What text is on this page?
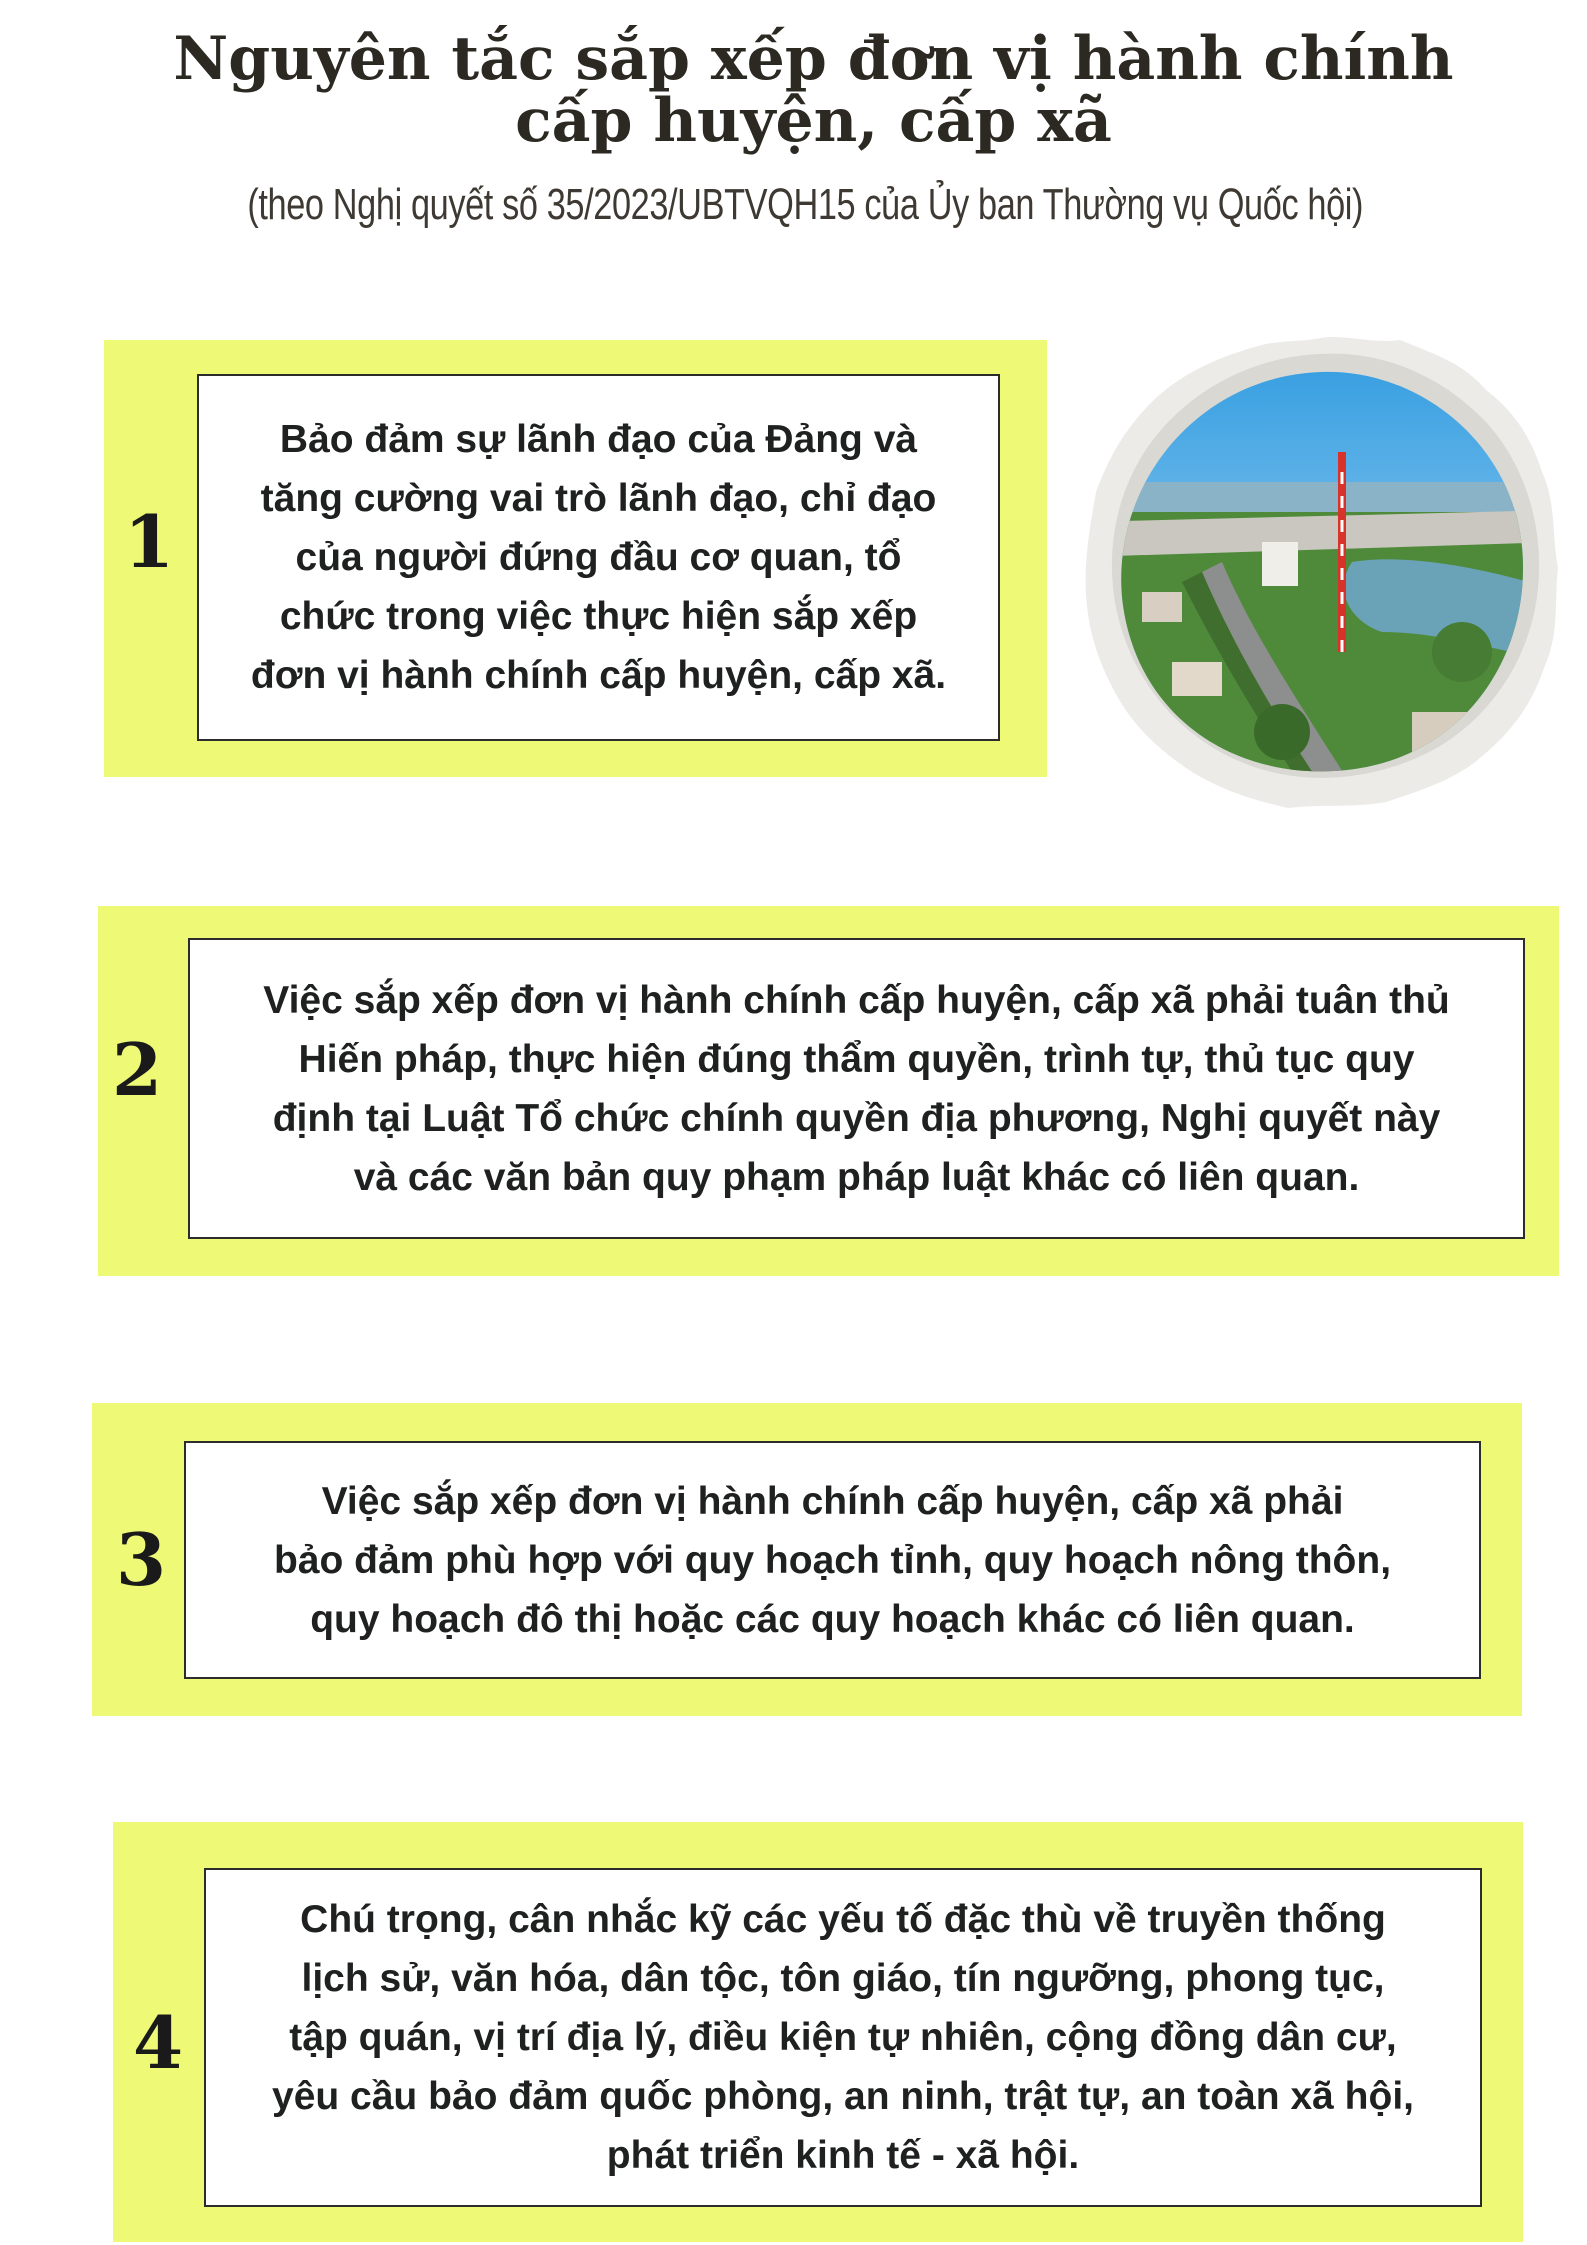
Nguyên tắc sắp xếp đơn vị hành chính
cấp huyện, cấp xã
(theo Nghị quyết số 35/2023/UBTVQH15 của Ủy ban Thường vụ Quốc hội)
1

Bảo đảm sự lãnh đạo của Đảng và
tăng cường vai trò lãnh đạo, chỉ đạo
của người đứng đầu cơ quan, tổ
chức trong việc thực hiện sắp xếp
đơn vị hành chính cấp huyện, cấp xã.

2

Việc sắp xếp đơn vị hành chính cấp huyện, cấp xã phải tuân thủ
Hiến pháp, thực hiện đúng thẩm quyền, trình tự, thủ tục quy
định tại Luật Tổ chức chính quyền địa phương, Nghị quyết này
và các văn bản quy phạm pháp luật khác có liên quan.

3

Việc sắp xếp đơn vị hành chính cấp huyện, cấp xã phải
bảo đảm phù hợp với quy hoạch tỉnh, quy hoạch nông thôn,
quy hoạch đô thị hoặc các quy hoạch khác có liên quan.

4

Chú trọng, cân nhắc kỹ các yếu tố đặc thù về truyền thống
lịch sử, văn hóa, dân tộc, tôn giáo, tín ngưỡng, phong tục,
tập quán, vị trí địa lý, điều kiện tự nhiên, cộng đồng dân cư,
yêu cầu bảo đảm quốc phòng, an ninh, trật tự, an toàn xã hội,
phát triển kinh tế - xã hội.
